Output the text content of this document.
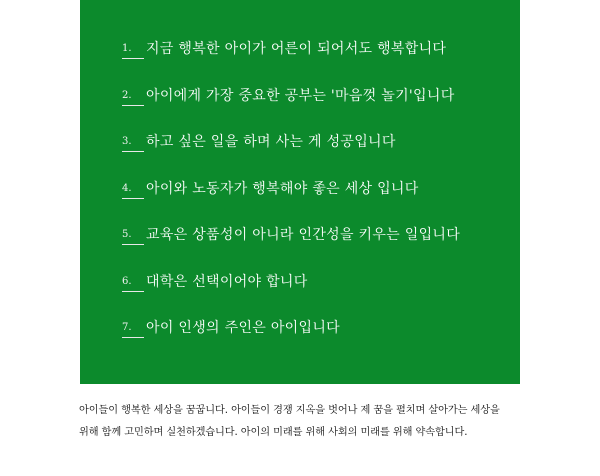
1.	지금 행복한 아이가 어른이 되어서도 행복합니다
2.	아이에게 가장 중요한 공부는 '마음껏 놀기'입니다
3.	하고 싶은 일을 하며 사는 게 성공입니다
4.	아이와 노동자가 행복해야 좋은 세상 입니다
5.	교육은 상품성이 아니라 인간성을 키우는 일입니다
6.	대학은 선택이어야 합니다
7.	아이 인생의 주인은 아이입니다

아이들이 행복한 세상을 꿈꿉니다. 아이들이 경쟁 지옥을 벗어나 제 꿈을 펼치며 살아가는 세상을
위해 함께 고민하며 실천하겠습니다. 아이의 미래를 위해 사회의 미래를 위해 약속합니다.
